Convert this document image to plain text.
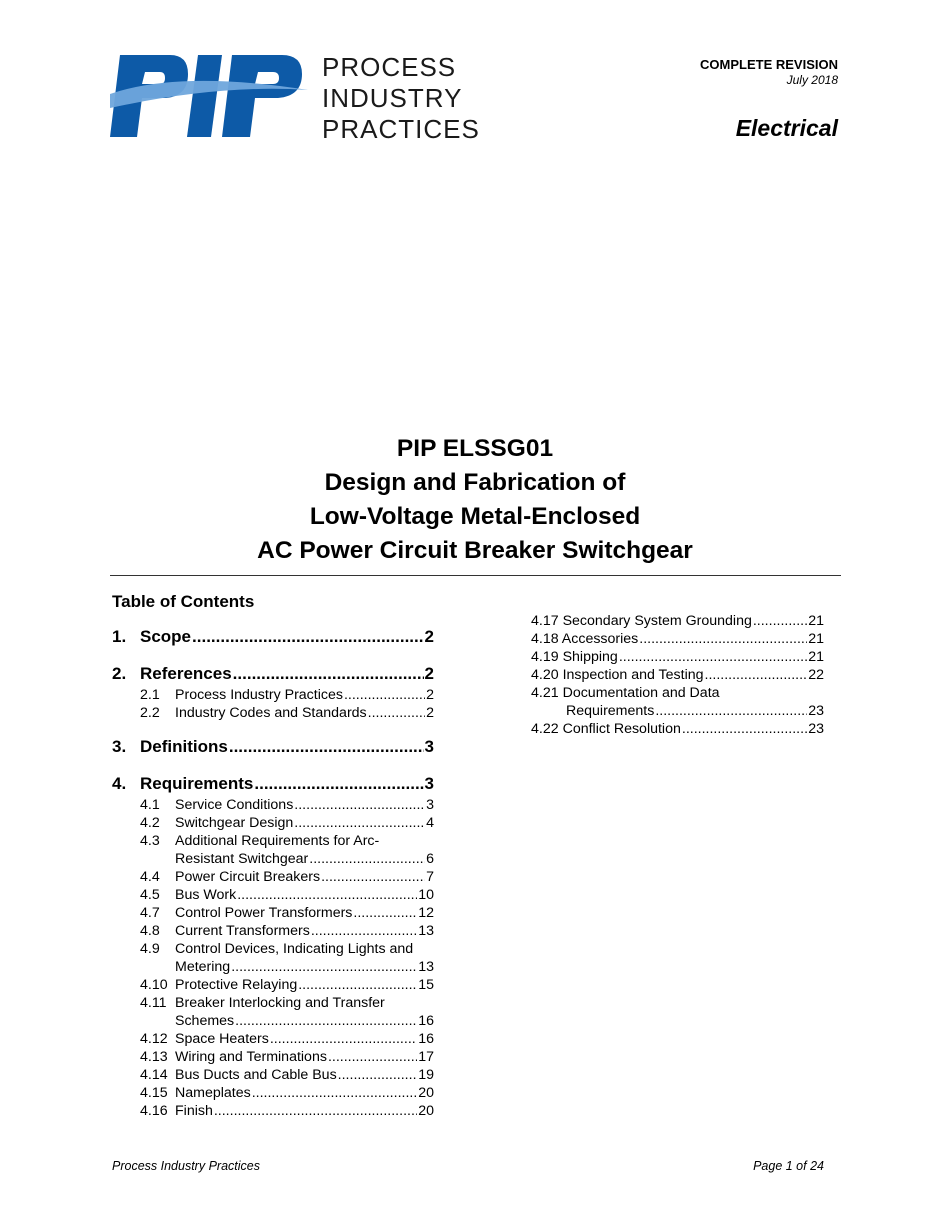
PROCESS
INDUSTRY
PRACTICES
COMPLETE REVISION
July 2018
Electrical
PIP ELSSG01
Design and Fabrication of
Low-Voltage Metal-Enclosed
AC Power Circuit Breaker Switchgear
Table of Contents
1. Scope .....	2
2. References .....	2
2.1	Process Industry Practices .....	2
2.2	Industry Codes and Standards .....	2
3. Definitions .....	3
4. Requirements .....	3
4.1	Service Conditions .....	3
4.2	Switchgear Design .....	4
4.3	Additional Requirements for Arc-
Resistant Switchgear .....	6
4.4	Power Circuit Breakers .....	7
4.5	Bus Work .....	10
4.7	Control Power Transformers .....	12
4.8	Current Transformers .....	13
4.9	Control Devices, Indicating Lights and
Metering .....	13
4.10 Protective Relaying .....	15
4.11 Breaker Interlocking and Transfer
Schemes .....	16
4.12 Space Heaters .....	16
4.13 Wiring and Terminations .....	17
4.14 Bus Ducts and Cable Bus .....	19
4.15 Nameplates .....	20
4.16 Finish .....	20
4.17 Secondary System Grounding .....	21
4.18 Accessories .....	21
4.19 Shipping .....	21
4.20 Inspection and Testing .....	22
4.21 Documentation and Data
Requirements .....	23
4.22 Conflict Resolution .....	23
Process Industry Practices	Page 1 of 24
